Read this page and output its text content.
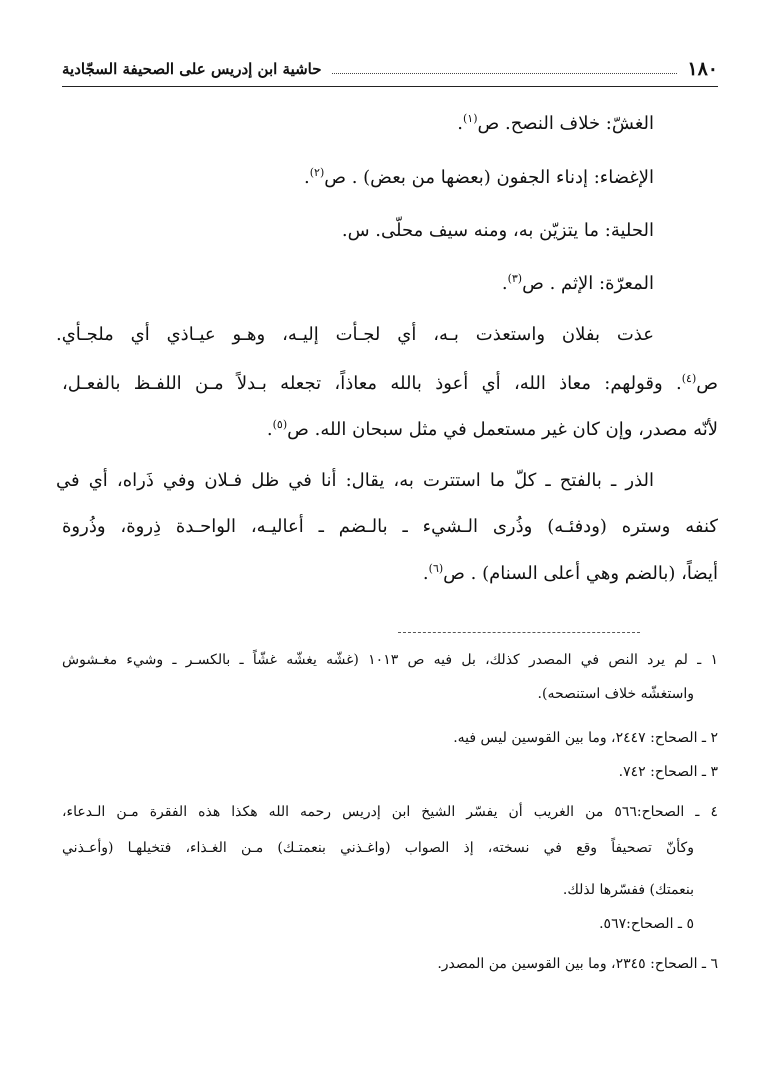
١٨٠
حاشية ابن إدريس على الصحيفة السجّادية
الغشّ: خلاف النصح. ص$^{(١)}$.
الإغضاء: إدناء الجفون (بعضها من بعض) . ص$^{(٢)}$.
الحلية: ما يتزيّن به، ومنه سيف محلّى. س.
المعرّة: الإثم . ص$^{(٣)}$.
عذت بفلان واستعذت بـه، أي لجـأت إليـه، وهـو عيـاذي أي ملجـأي.
ص$^{(٤)}$. وقولهم: معاذ الله، أي أعوذ بالله معاذاً، تجعله بـدلاً مـن اللفـظ بالفعـل،
لأنّه مصدر، وإن كان غير مستعمل في مثل سبحان الله. ص$^{(٥)}$.
الذر ـ بالفتح ـ كلّ ما استترت به، يقال: أنا في ظل فـلان وفي ذَراه، أي في
كنفه وستره (ودفئـه) وذُرى الـشيء ـ بالـضم ـ أعاليـه، الواحـدة ذِروة، وذُروة
أيضاً، (بالضم وهي أعلى السنام) . ص$^{(٦)}$.
١ ـ لم يرد النص في المصدر كذلك، بل فيه ص ١٠١٣ (غشّه يغشّه غشّاً ـ بالكسـر ـ وشيء مغـشوش
واستغشّه خلاف استنصحه).
٢ ـ الصحاح: ٢٤٤٧، وما بين القوسين ليس فيه.
٣ ـ الصحاح: ٧٤٢.
٤ ـ الصحاح:٥٦٦ من الغريب أن يفسّر الشيخ ابن إدريس رحمه الله هكذا هذه الفقرة مـن الـدعاء،
وكأنّ تصحيفاً وقع في نسخته، إذ الصواب (واغـذني بنعمتـك) مـن الغـذاء، فتخيلهـا (وأعـذني
بنعمتك) ففسّرها لذلك.
٥ ـ الصحاح:٥٦٧.
٦ ـ الصحاح: ٢٣٤٥، وما بين القوسين من المصدر.
